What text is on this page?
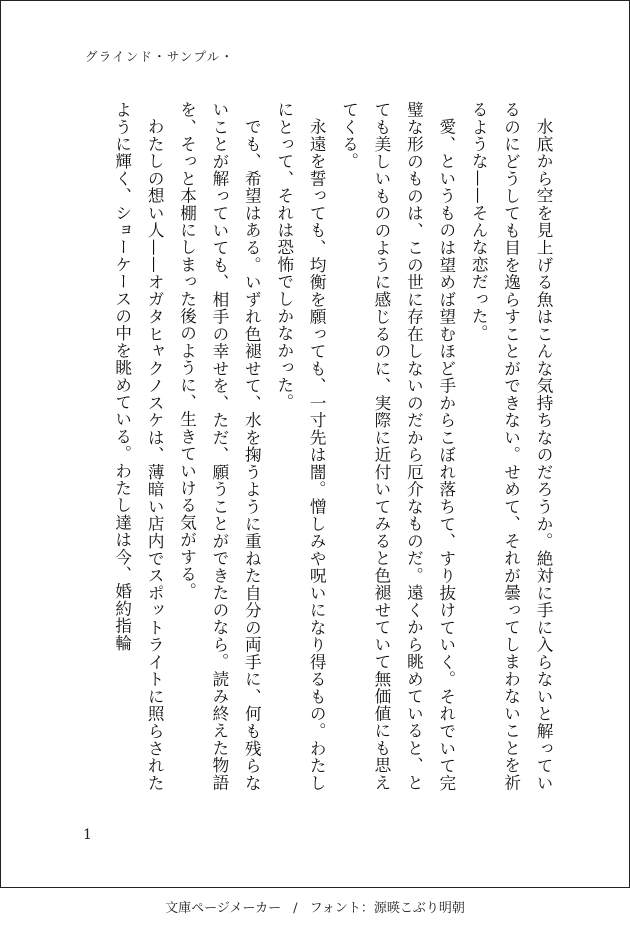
グラインド・サンプル・

水底から空を見上げる魚はこんな気持ちなのだろうか。絶対に手に入らないと解っているのにどうしても目を逸らすことができない。せめて、それが曇ってしまわないことを祈るような——そんな恋だった。

愛、というものは望めば望むほど手からこぼれ落ちて、すり抜けていく。それでいて完璧な形のものは、この世に存在しないのだから厄介なものだ。遠くから眺めていると、とても美しいもののように感じるのに、実際に近付いてみると色褪せていて無価値にも思えてくる。

永遠を誓っても、均衡を願っても、一寸先は闇。憎しみや呪いになり得るもの。わたしにとって、それは恐怖でしかなかった。

でも、希望はある。いずれ色褪せて、水を掬うように重ねた自分の両手に、何も残らないことが解っていても、相手の幸せを、ただ、願うことができたのなら。読み終えた物語を、そっと本棚にしまった後のように、生きていける気がする。

わたしの想い人——オガタヒャクノスケは、薄暗い店内でスポットライトに照らされたように輝く、ショーケースの中を眺めている。わたし達は今、婚約指輪

1
文庫ページメーカー / フォント：源暎こぶり明朝
